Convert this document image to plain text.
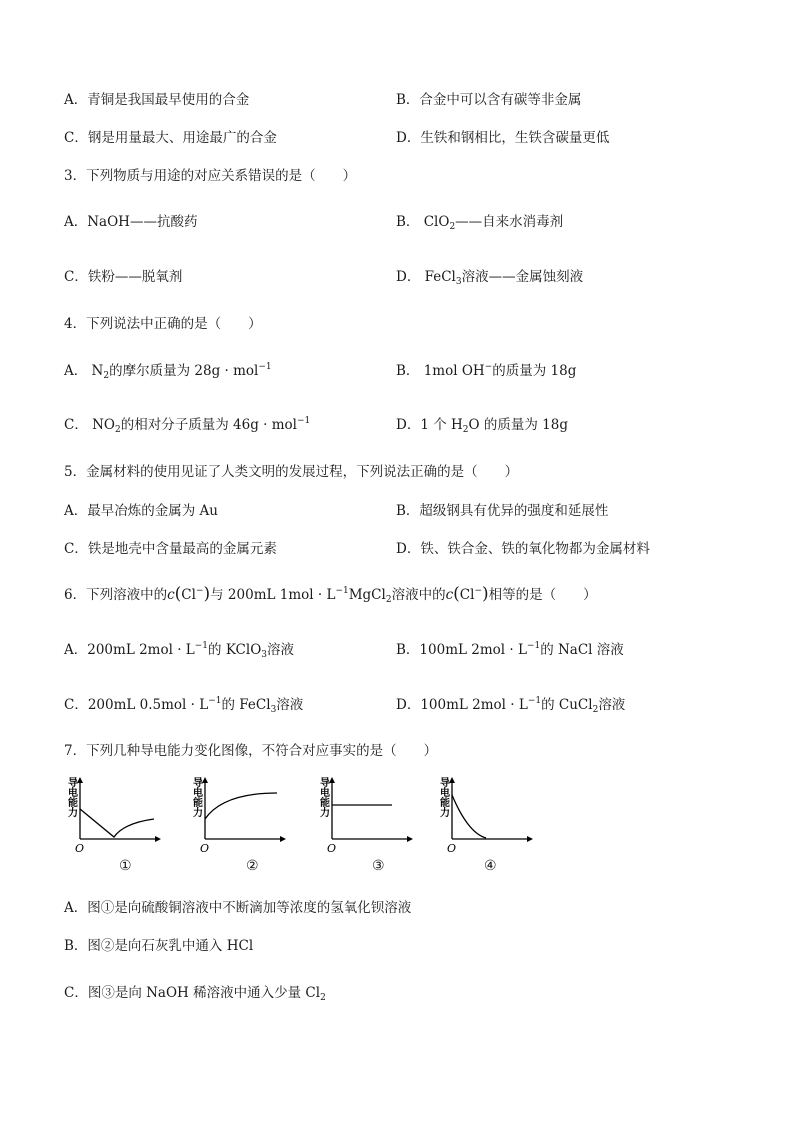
A．青铜是我国最早使用的合金	B．合金中可以含有碳等非金属
C．钢是用量最大、用途最广的合金	D．生铁和钢相比，生铁含碳量更低
3．下列物质与用途的对应关系错误的是（　　）
A．NaOH——抗酸药	B． ClO$_2$——自来水消毒剂
C．铁粉——脱氧剂	D． FeCl$_3$溶液——金属蚀刻液
4．下列说法中正确的是（　　）
A． $N_2$的摩尔质量为 28g · mol$^{-1}$	B． 1mol OH−的质量为 18g
C． $NO_2$的相对分子质量为 46g · mol$^{-1}$	D．1 个 $H_2O$ 的质量为 18g
5．金属材料的使用见证了人类文明的发展过程，下列说法正确的是（　　）
A．最早冶炼的金属为 Au	B．超级钢具有优异的强度和延展性
C．铁是地壳中含量最高的金属元素	D．铁、铁合金、铁的氧化物都为金属材料
6．下列溶液中的c(Cl−)与 200mL $1mol \cdot L^{-1}MgCl_2$溶液中的c(Cl−)相等的是（　　）
A．200mL $2mol \cdot L^{-1}$的 KClO$_3$溶液	B．100mL $2mol \cdot L^{-1}$的 NaCl 溶液
C．200mL $0.5mol \cdot L^{-1}$的 FeCl$_3$溶液	D．100mL $2mol \cdot L^{-1}$的 CuCl$_2$溶液
7．下列几种导电能力变化图像，不符合对应事实的是（　　）
导电能力
O
①
导电能力
O
②
导电能力
O
③
导电能力
O
④
A．图①是向硫酸铜溶液中不断滴加等浓度的氢氧化钡溶液
B．图②是向石灰乳中通入 HCl
C．图③是向 NaOH 稀溶液中通入少量 $Cl_2$
